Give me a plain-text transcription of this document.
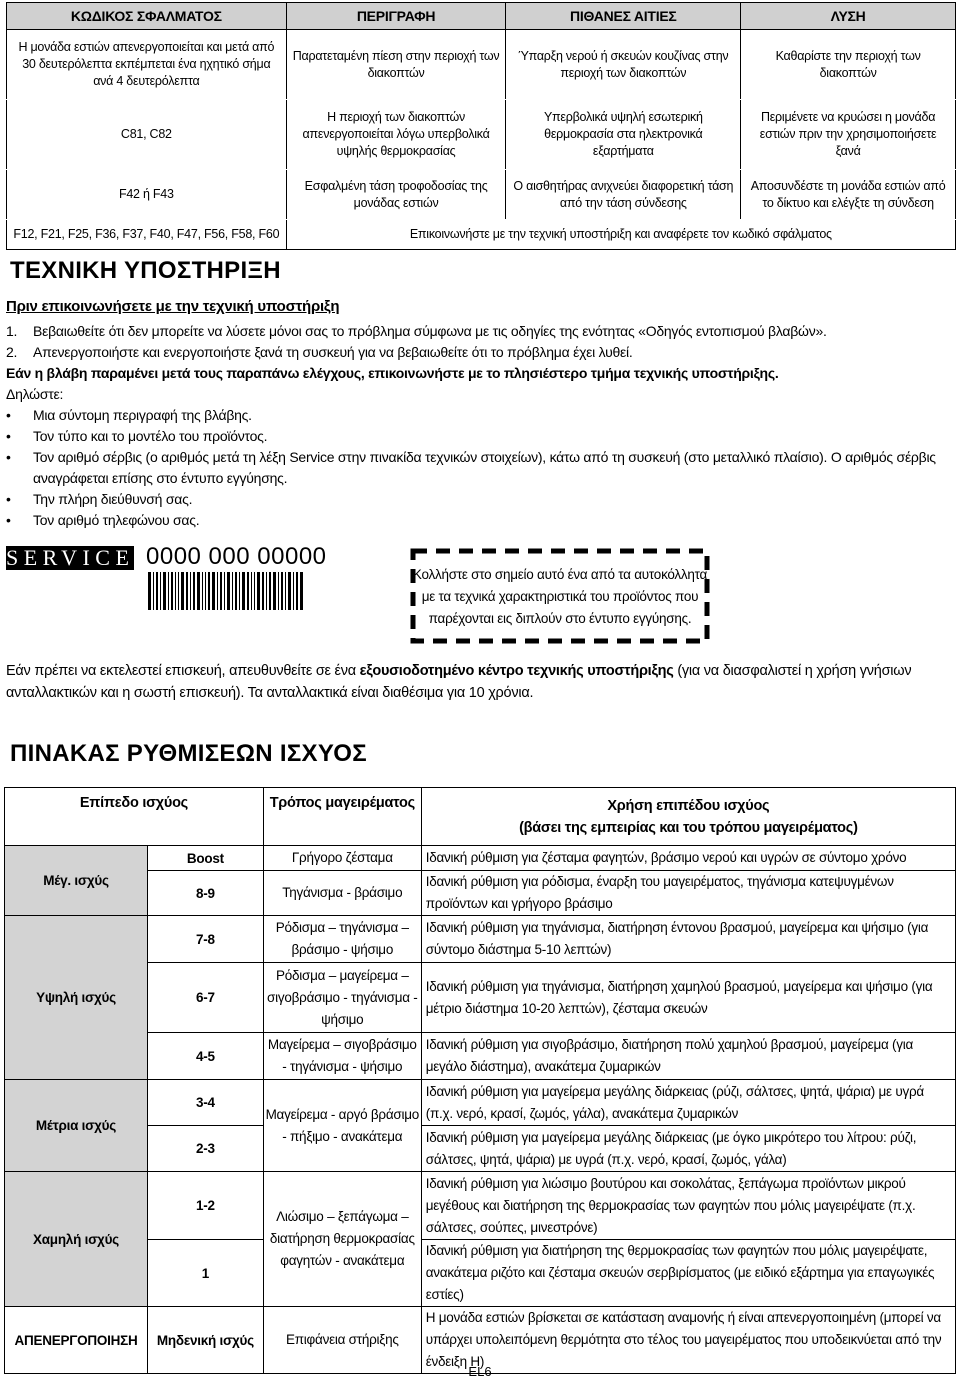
ΚΩΔΙΚΟΣ ΣΦΑΛΜΑΤΟΣ	ΠΕΡΙΓΡΑΦΗ	ΠΙΘΑΝΕΣ ΑΙΤΙΕΣ	ΛΥΣΗ
Η μονάδα εστιών απενεργοποιείται και μετά από 30 δευτερόλεπτα εκπέμπεται ένα ηχητικό σήμα ανά 4 δευτερόλεπτα	Παρατεταμένη πίεση στην περιοχή των διακοπτών	Ύπαρξη νερού ή σκευών κουζίνας στην περιοχή των διακοπτών	Καθαρίστε την περιοχή των διακοπτών
C81, C82	Η περιοχή των διακοπτών απενεργοποιείται λόγω υπερβολικά υψηλής θερμοκρασίας	Υπερβολικά υψηλή εσωτερική θερμοκρασία στα ηλεκτρονικά εξαρτήματα	Περιμένετε να κρυώσει η μονάδα εστιών πριν την χρησιμοποιήσετε ξανά
F42 ή F43	Εσφαλμένη τάση τροφοδοσίας της μονάδας εστιών	Ο αισθητήρας ανιχνεύει διαφορετική τάση από την τάση σύνδεσης	Αποσυνδέστε τη μονάδα εστιών από το δίκτυο και ελέγξτε τη σύνδεση
F12, F21, F25, F36, F37, F40, F47, F56, F58, F60	Επικοινωνήστε με την τεχνική υποστήριξη και αναφέρετε τον κωδικό σφάλματος		
ΤΕΧΝΙΚΗ ΥΠΟΣΤΗΡΙΞΗ
Πριν επικοινωνήσετε με την τεχνική υποστήριξη
1.	Βεβαιωθείτε ότι δεν μπορείτε να λύσετε μόνοι σας το πρόβλημα σύμφωνα με τις οδηγίες της ενότητας «Οδηγός εντοπισμού βλαβών».
2.	Απενεργοποιήστε και ενεργοποιήστε ξανά τη συσκευή για να βεβαιωθείτε ότι το πρόβλημα έχει λυθεί.
Εάν η βλάβη παραμένει μετά τους παραπάνω ελέγχους, επικοινωνήστε με το πλησιέστερο τμήμα τεχνικής υποστήριξης.
Δηλώστε:
•	Μια σύντομη περιγραφή της βλάβης.
•	Τον τύπο και το μοντέλο του προϊόντος.
•	Τον αριθμό σέρβις (ο αριθμός μετά τη λέξη Service στην πινακίδα τεχνικών στοιχείων), κάτω από τη συσκευή (στο μεταλλικό πλαίσιο). Ο αριθμός σέρβις αναγράφεται επίσης στο έντυπο εγγύησης.
•	Την πλήρη διεύθυνσή σας.
•	Τον αριθμό τηλεφώνου σας.
SERVICE 0000 000 00000
Κολλήστε στο σημείο αυτό ένα από τα αυτοκόλλητα με τα τεχνικά χαρακτηριστικά του προϊόντος που παρέχονται εις διπλούν στο έντυπο εγγύησης.
Εάν πρέπει να εκτελεστεί επισκευή, απευθυνθείτε σε ένα εξουσιοδοτημένο κέντρο τεχνικής υποστήριξης (για να διασφαλιστεί η χρήση γνήσιων ανταλλακτικών και η σωστή επισκευή). Τα ανταλλακτικά είναι διαθέσιμα για 10 χρόνια.
ΠΙΝΑΚΑΣ ΡΥΘΜΙΣΕΩΝ ΙΣΧΥΟΣ
Επίπεδο ισχύος		Τρόπος μαγειρέματος	Χρήση επιπέδου ισχύος
(βάσει της εμπειρίας και του τρόπου μαγειρέματος)

Μέγ. ισχύς	Boost	Γρήγορο ζέσταμα	Ιδανική ρύθμιση για ζέσταμα φαγητών, βράσιμο νερού και υγρών σε σύντομο χρόνο
	8-9	Τηγάνισμα - βράσιμο	Ιδανική ρύθμιση για ρόδισμα, έναρξη του μαγειρέματος, τηγάνισμα κατεψυγμένων προϊόντων και γρήγορο βράσιμο
Υψηλή ισχύς	7-8	Ρόδισμα – τηγάνισμα – βράσιμο - ψήσιμο	Ιδανική ρύθμιση για τηγάνισμα, διατήρηση έντονου βρασμού, μαγείρεμα και ψήσιμο (για σύντομο διάστημα 5-10 λεπτών)
	6-7	Ρόδισμα – μαγείρεμα – σιγοβράσιμο - τηγάνισμα - ψήσιμο	Ιδανική ρύθμιση για τηγάνισμα, διατήρηση χαμηλού βρασμού, μαγείρεμα και ψήσιμο (για μέτριο διάστημα 10-20 λεπτών), ζέσταμα σκευών
	4-5	Μαγείρεμα – σιγοβράσιμο - τηγάνισμα - ψήσιμο	Ιδανική ρύθμιση για σιγοβράσιμο, διατήρηση πολύ χαμηλού βρασμού, μαγείρεμα (για μεγάλο διάστημα), ανακάτεμα ζυμαρικών
Μέτρια ισχύς	3-4	Μαγείρεμα - αργό βράσιμο - πήξιμο - ανακάτεμα	Ιδανική ρύθμιση για μαγείρεμα μεγάλης διάρκειας (ρύζι, σάλτσες, ψητά, ψάρια) με υγρά (π.χ. νερό, κρασί, ζωμός, γάλα), ανακάτεμα ζυμαρικών
	2-3		Ιδανική ρύθμιση για μαγείρεμα μεγάλης διάρκειας (με όγκο μικρότερο του λίτρου: ρύζι, σάλτσες, ψητά, ψάρια) με υγρά (π.χ. νερό, κρασί, ζωμός, γάλα)
Χαμηλή ισχύς	1-2	Λιώσιμο – ξεπάγωμα – διατήρηση θερμοκρασίας φαγητών - ανακάτεμα	Ιδανική ρύθμιση για λιώσιμο βουτύρου και σοκολάτας, ξεπάγωμα προϊόντων μικρού μεγέθους και διατήρηση της θερμοκρασίας των φαγητών που μόλις μαγειρέψατε (π.χ. σάλτσες, σούπες, μινεστρόνε)
	1		Ιδανική ρύθμιση για διατήρηση της θερμοκρασίας των φαγητών που μόλις μαγειρέψατε, ανακάτεμα ριζότο και ζέσταμα σκευών σερβιρίσματος (με ειδικό εξάρτημα για επαγωγικές εστίες)
ΑΠΕΝΕΡΓΟΠΟΙΗΣΗ	Μηδενική ισχύς	Επιφάνεια στήριξης	Η μονάδα εστιών βρίσκεται σε κατάσταση αναμονής ή είναι απενεργοποιημένη (μπορεί να υπάρχει υπολειπόμενη θερμότητα στο τέλος του μαγειρέματος που υποδεικνύεται από την ένδειξη H)
EL6
